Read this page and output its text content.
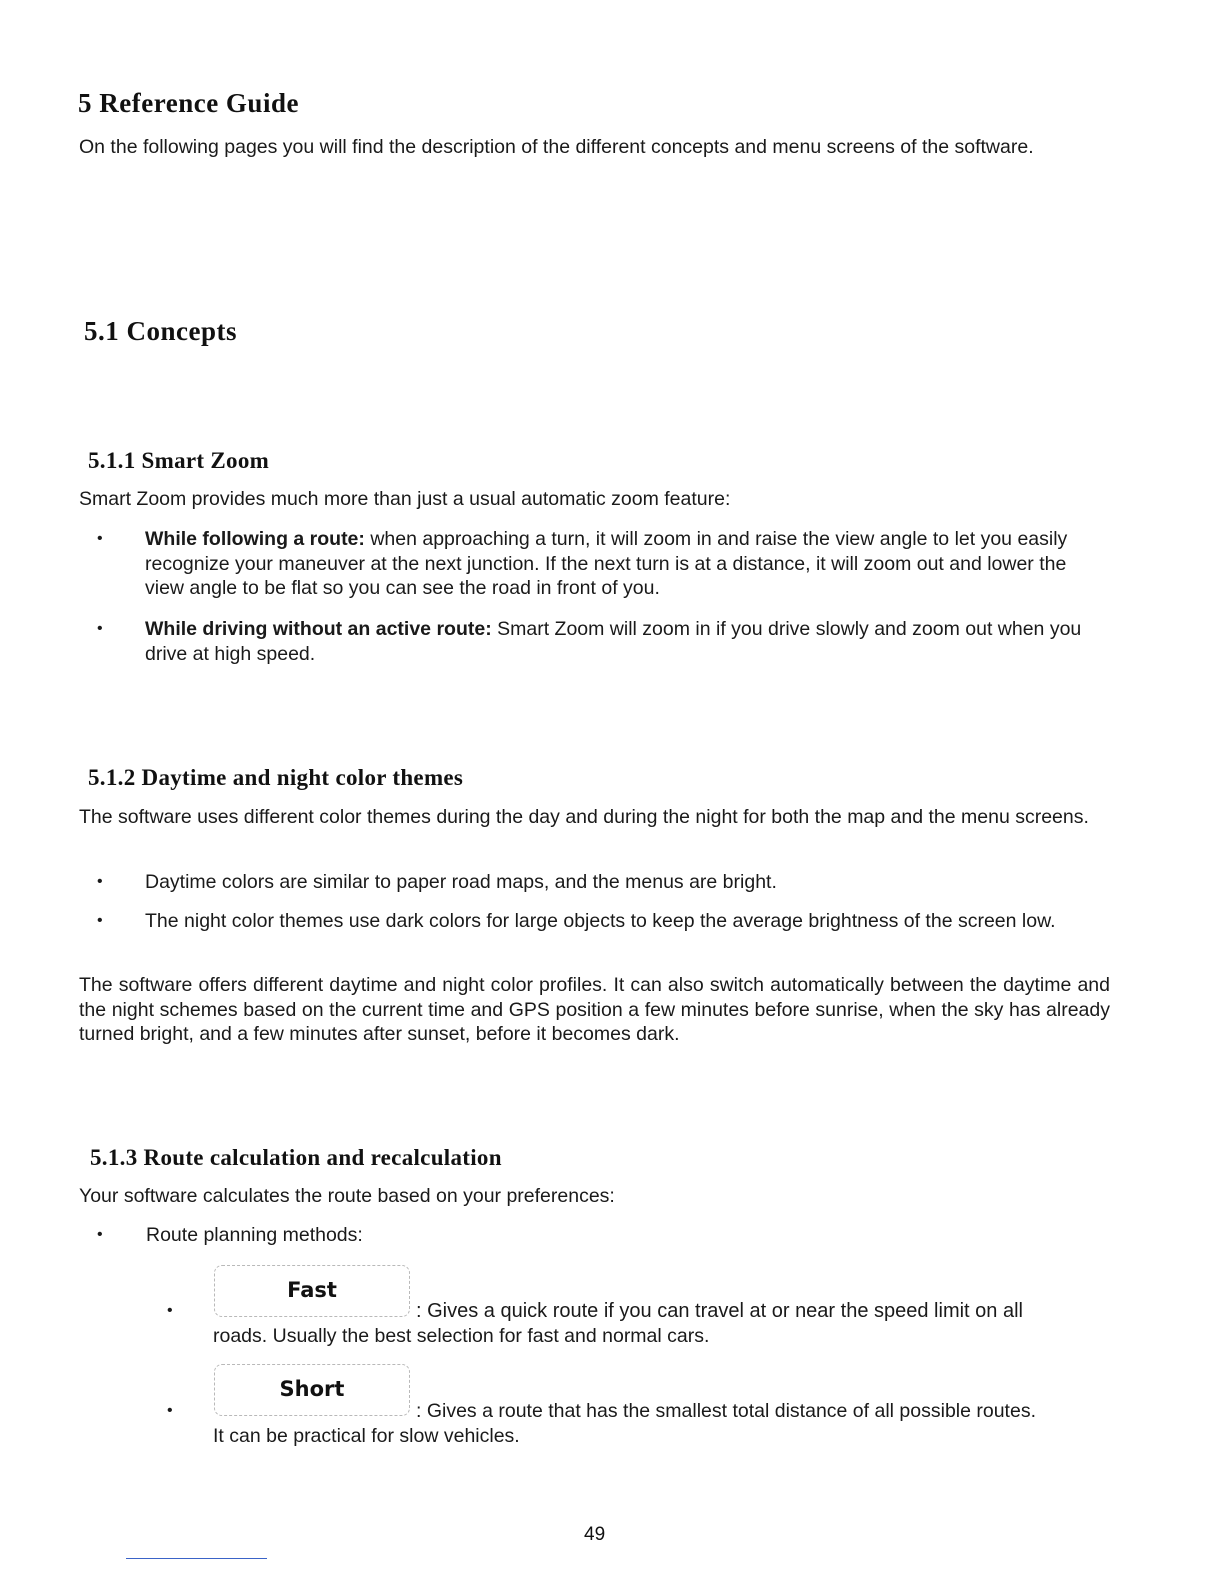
5 Reference Guide
On the following pages you will find the description of the different concepts and menu screens of the software.
5.1 Concepts
5.1.1 Smart Zoom
Smart Zoom provides much more than just a usual automatic zoom feature:
• While following a route: when approaching a turn, it will zoom in and raise the view angle to let you easily recognize your maneuver at the next junction. If the next turn is at a distance, it will zoom out and lower the view angle to be flat so you can see the road in front of you.
• While driving without an active route: Smart Zoom will zoom in if you drive slowly and zoom out when you drive at high speed.
5.1.2 Daytime and night color themes
The software uses different color themes during the day and during the night for both the map and the menu screens.
• Daytime colors are similar to paper road maps, and the menus are bright.
• The night color themes use dark colors for large objects to keep the average brightness of the screen low.
The software offers different daytime and night color profiles. It can also switch automatically between the daytime and the night schemes based on the current time and GPS position a few minutes before sunrise, when the sky has already turned bright, and a few minutes after sunset, before it becomes dark.
5.1.3 Route calculation and recalculation
Your software calculates the route based on your preferences:
• Route planning methods:
•
Fast
: Gives a quick route if you can travel at or near the speed limit on all
roads. Usually the best selection for fast and normal cars.
•
Short
: Gives a route that has the smallest total distance of all possible routes.
It can be practical for slow vehicles.
49
